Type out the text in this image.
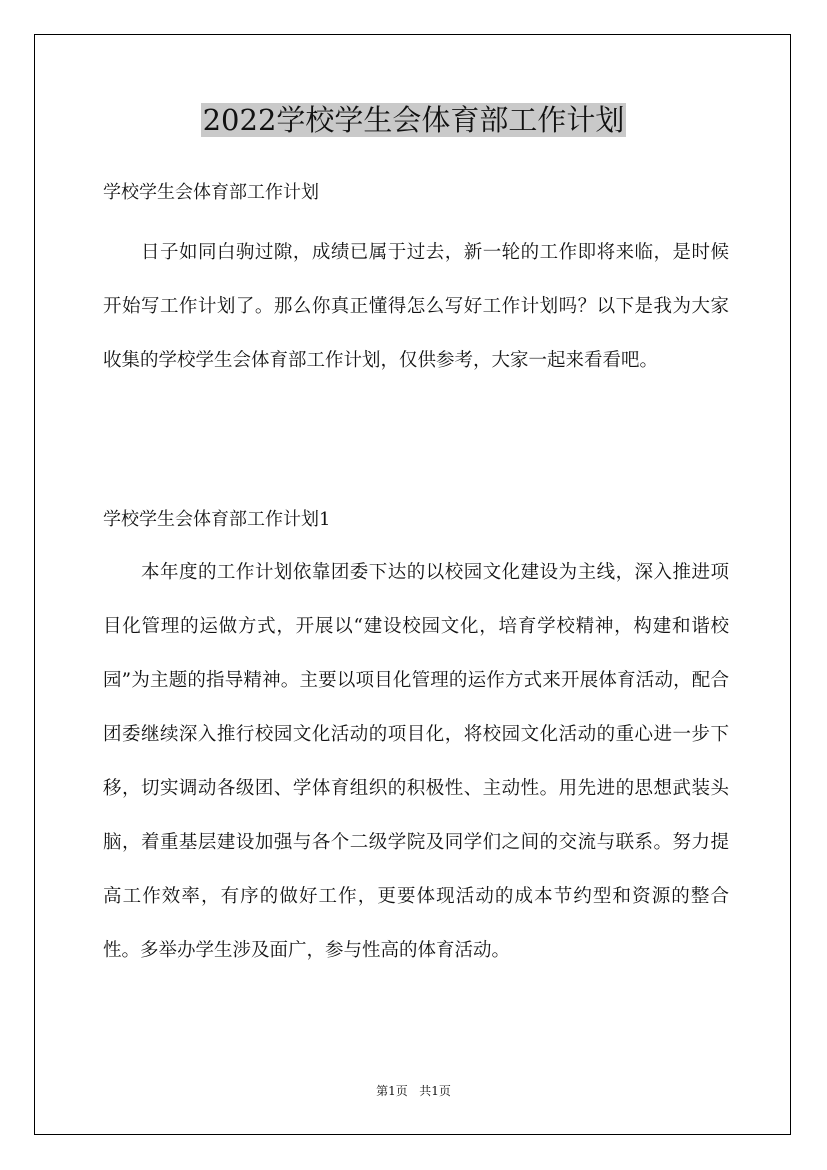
2022学校学生会体育部工作计划
学校学生会体育部工作计划
日子如同白驹过隙，成绩已属于过去，新一轮的工作即将来临，是时候开始写工作计划了。那么你真正懂得怎么写好工作计划吗？以下是我为大家收集的学校学生会体育部工作计划，仅供参考，大家一起来看看吧。
学校学生会体育部工作计划1
本年度的工作计划依靠团委下达的以校园文化建设为主线，深入推进项目化管理的运做方式，开展以“建设校园文化，培育学校精神，构建和谐校园”为主题的指导精神。主要以项目化管理的运作方式来开展体育活动，配合团委继续深入推行校园文化活动的项目化，将校园文化活动的重心进一步下移，切实调动各级团、学体育组织的积极性、主动性。用先进的思想武装头脑，着重基层建设加强与各个二级学院及同学们之间的交流与联系。努力提高工作效率，有序的做好工作，更要体现活动的成本节约型和资源的整合性。多举办学生涉及面广，参与性高的体育活动。
第1页   共1页
